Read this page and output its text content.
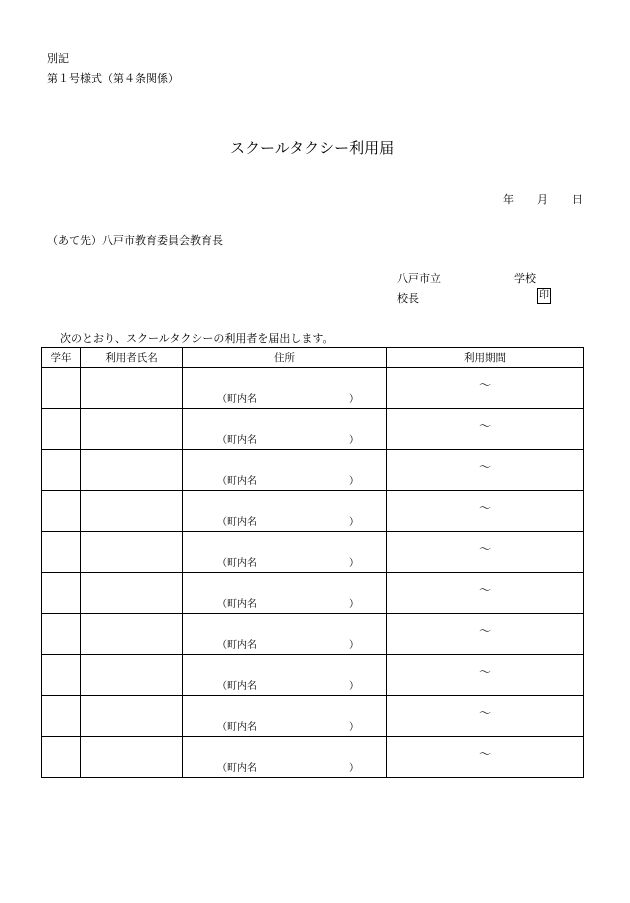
別記
第１号様式（第４条関係）
スクールタクシー利用届
年 月 日
（あて先）八戸市教育委員会教育長
八戸市立	学校
校長	印
次のとおり、スクールタクシーの利用者を届出します。
学年	利用者氏名	住所	利用期間

		（町内名 ）	～

		（町内名 ）	～

		（町内名 ）	～

		（町内名 ）	～

		（町内名 ）	～

		（町内名 ）	～

		（町内名 ）	～

		（町内名 ）	～

		（町内名 ）	～

		（町内名 ）	～
